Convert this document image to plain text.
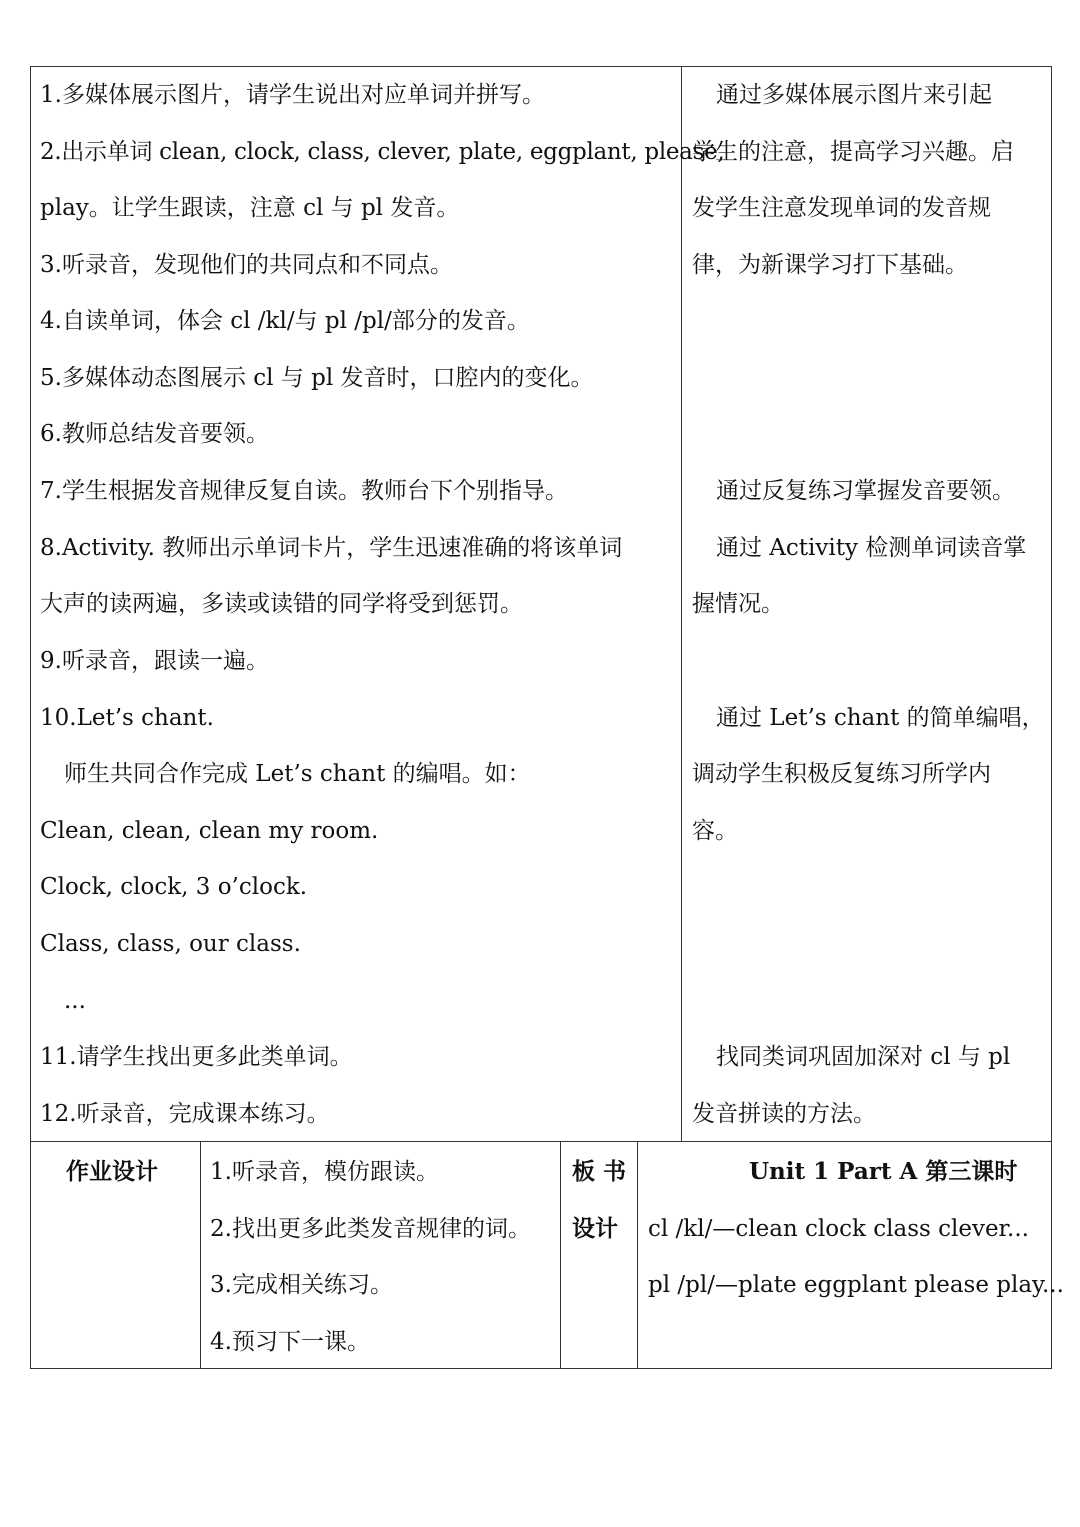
1.多媒体展示图片，请学生说出对应单词并拼写。
2.出示单词 clean, clock, class, clever, plate, eggplant, please,
play。让学生跟读，注意 cl 与 pl 发音。
3.听录音，发现他们的共同点和不同点。
4.自读单词，体会 cl /kl/与 pl /pl/部分的发音。
5.多媒体动态图展示 cl 与 pl 发音时，口腔内的变化。
6.教师总结发音要领。
7.学生根据发音规律反复自读。教师台下个别指导。
8.Activity. 教师出示单词卡片，学生迅速准确的将该单词
大声的读两遍，多读或读错的同学将受到惩罚。
9.听录音，跟读一遍。
10.Let’s chant.
师生共同合作完成 Let’s chant 的编唱。如：
Clean, clean, clean my room.
Clock, clock, 3 o’clock.
Class, class, our class.
...
11.请学生找出更多此类单词。
12.听录音，完成课本练习。
通过多媒体展示图片来引起
学生的注意，提高学习兴趣。启
发学生注意发现单词的发音规
律，为新课学习打下基础。
通过反复练习掌握发音要领。
通过 Activity 检测单词读音掌
握情况。
通过 Let’s chant 的简单编唱，
调动学生积极反复练习所学内
容。
找同类词巩固加深对 cl 与 pl
发音拼读的方法。
作业设计 1.听录音，模仿跟读。
2.找出更多此类发音规律的词。
3.完成相关练习。
4.预习下一课。
板 书
设计
Unit 1 Part A 第三课时
cl /kl/—clean clock class clever...
pl /pl/—plate eggplant please play...
